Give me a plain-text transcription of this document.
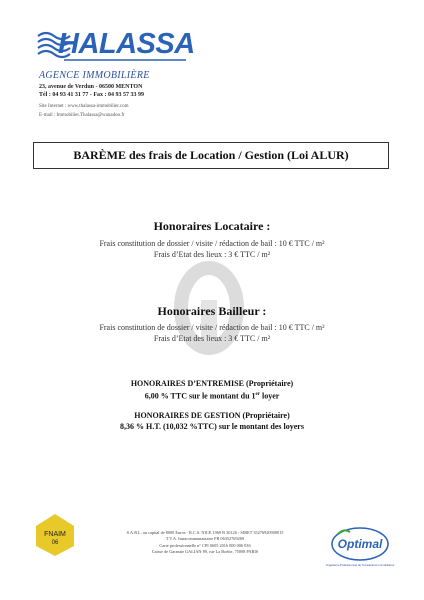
HALASSA
AGENCE IMMOBILIÈRE
23, avenue de Verdun - 06500 MENTON
Tél : 04 93 41 31 77 - Fax : 04 93 57 33 99
Site Internet : www.thalassa-immobilier.com
E-mail : Immobilier.Thalassa@wanadoo.fr
BARÈME des frais de Location / Gestion (Loi ALUR)
Honoraires Locataire :
Frais constitution de dossier / visite / rédaction de bail : 10 € TTC / m²
Frais d’Etat des lieux : 3 € TTC / m²
Honoraires Bailleur :
Frais constitution de dossier / visite / rédaction de bail : 10 € TTC / m²
Frais d’Etat des lieux : 3 € TTC / m²
HONORAIRES D’ENTREMISE (Propriétaire)
6,00 % TTC sur le montant du 1er loyer
HONORAIRES DE GESTION (Propriétaire)
8,36 % H.T. (10,032 %TTC) sur le montant des loyers
FNAIM
06
S.A.R.L. au capital de 8000 Euros - R.C.S. NICE 1969 B 30126 - SIRET 35276920900015
T.V.A. Intracommunautaire FR 06352769269
Carte professionnelle n° CPI 0605 2016 000 006 036
Caisse de Garantie GALIAN 89, rue La Boétie, 75008 PARIS
Optimal
Organisme Professionnel de Transactions Immobilières
